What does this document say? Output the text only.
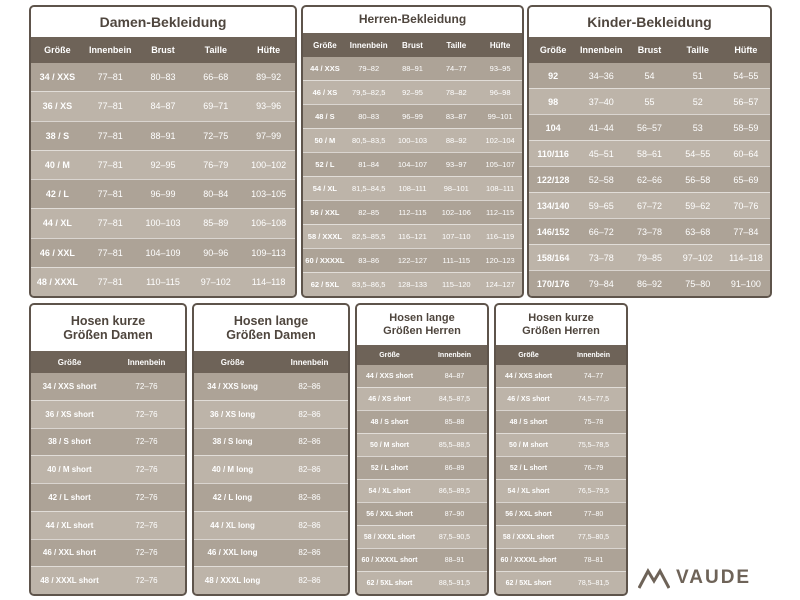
Damen-Bekleidung
Größe	Innenbein	Brust	Taille	Hüfte
34 / XXS	77–81	80–83	66–68	89–92
36 / XS	77–81	84–87	69–71	93–96
38 / S	77–81	88–91	72–75	97–99
40 / M	77–81	92–95	76–79	100–102
42 / L	77–81	96–99	80–84	103–105
44 / XL	77–81	100–103	85–89	106–108
46 / XXL	77–81	104–109	90–96	109–113
48 / XXXL	77–81	110–115	97–102	114–118
Herren-Bekleidung
Größe	Innenbein	Brust	Taille	Hüfte
44 / XXS	79–82	88–91	74–77	93–95
46 / XS	79,5–82,5	92–95	78–82	96–98
48 / S	80–83	96–99	83–87	99–101
50 / M	80,5–83,5	100–103	88–92	102–104
52 / L	81–84	104–107	93–97	105–107
54 / XL	81,5–84,5	108–111	98–101	108–111
56 / XXL	82–85	112–115	102–106	112–115
58 / XXXL	82,5–85,5	116–121	107–110	116–119
60 / XXXXL	83–86	122–127	111–115	120–123
62 / 5XL	83,5–86,5	128–133	115–120	124–127
Kinder-Bekleidung
Größe	Innenbein	Brust	Taille	Hüfte
92	34–36	54	51	54–55
98	37–40	55	52	56–57
104	41–44	56–57	53	58–59
110/116	45–51	58–61	54–55	60–64
122/128	52–58	62–66	56–58	65–69
134/140	59–65	67–72	59–62	70–76
146/152	66–72	73–78	63–68	77–84
158/164	73–78	79–85	97–102	114–118
170/176	79–84	86–92	75–80	91–100
Hosen kurze
Größen Damen
Größe	Innenbein
34 / XXS short	72–76
36 / XS short	72–76
38 / S short	72–76
40 / M short	72–76
42 / L short	72–76
44 / XL short	72–76
46 / XXL short	72–76
48 / XXXL short	72–76
Hosen lange
Größen Damen
Größe	Innenbein
34 / XXS long	82–86
36 / XS long	82–86
38 / S long	82–86
40 / M long	82–86
42 / L long	82–86
44 / XL long	82–86
46 / XXL long	82–86
48 / XXXL long	82–86
Hosen lange
Größen Herren
Größe	Innenbein
44 / XXS short	84–87
46 / XS short	84,5–87,5
48 / S short	85–88
50 / M short	85,5–88,5
52 / L short	86–89
54 / XL short	86,5–89,5
56 / XXL short	87–90
58 / XXXL short	87,5–90,5
60 / XXXXL short	88–91
62 / 5XL short	88,5–91,5
Hosen kurze
Größen Herren
Größe	Innenbein
44 / XXS short	74–77
46 / XS short	74,5–77,5
48 / S short	75–78
50 / M short	75,5–78,5
52 / L short	76–79
54 / XL short	76,5–79,5
56 / XXL short	77–80
58 / XXXL short	77,5–80,5
60 / XXXXL short	78–81
62 / 5XL short	78,5–81,5	VAUDE
